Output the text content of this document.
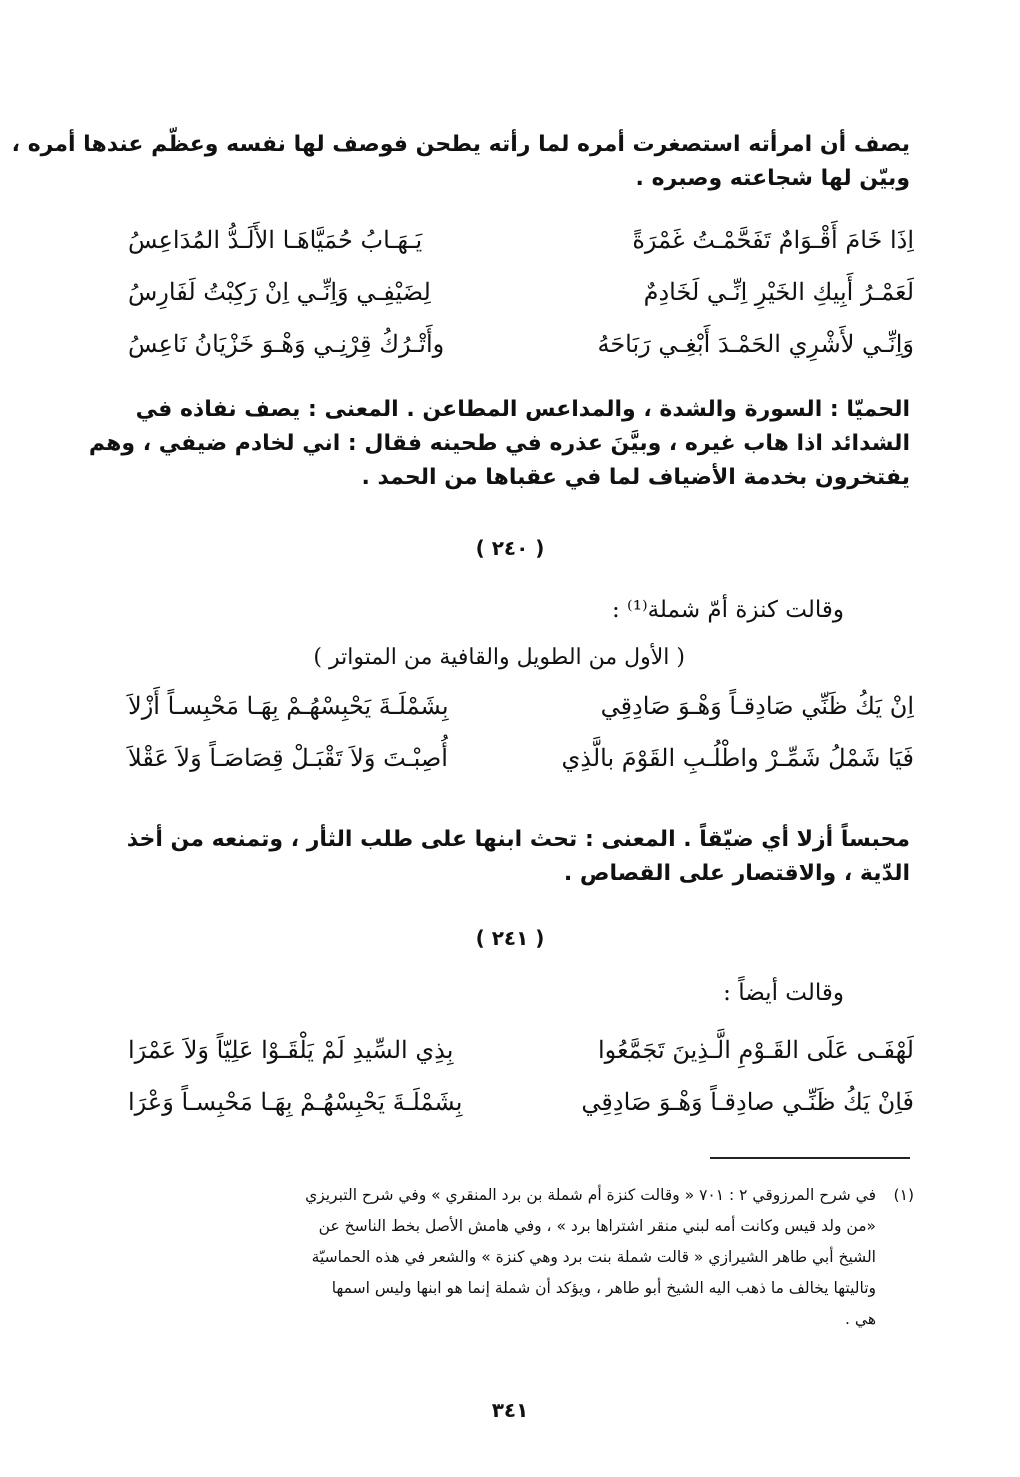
يصف أن امرأته استصغرت أمره لما رأته يطحن فوصف لها نفسه وعظّم عندها أمره ،
وبيّن لها شجاعته وصبره .
اِذَا خَامَ أَقْـوَامٌ تَفَحَّمْـتُ غَمْرَةً
يَـهَـابُ حُمَيَّاهَـا الأَلَـدُّ المُدَاعِسُ
لَعَمْـرُ أَبِيكِ الخَيْرِ اِنِّـي لَخَادِمٌ
لِضَيْفِـي وَاِنِّـي اِنْ رَكِبْتُ لَفَارِسُ
وَاِنِّـي لأَشْرِي الحَمْـدَ أَبْغِـي رَبَاحَهُ
وأَتْـرُكُ قِرْنِـي وَهْـوَ خَزْيَانُ نَاعِسُ
الحميّا : السورة والشدة ، والمداعس المطاعن . المعنى : يصف نفاذه في
الشدائد اذا هاب غيره ، وبيَّنَ عذره في طحينه فقال : اني لخادم ضيفي ، وهم
يفتخرون بخدمة الأضياف لما في عقباها من الحمد .
( ٢٤٠ )
وقالت كنزة أمّ شملة⁽¹⁾ :
( الأول من الطويل والقافية من المتواتر )
اِنْ يَكُ ظَنِّي صَادِقـاً وَهْـوَ صَادِقِي
بِشَمْلَـةَ يَحْبِسْهُـمْ بِهَـا مَحْبِسـاً أَزْلاَ
فَيَا شَمْلُ شَمِّـرْ واطْلُـبِ القَوْمَ بالَّذِي
أُصِبْـتَ وَلاَ تَقْبَـلْ قِصَاصَـاً وَلاَ عَقْلاَ
محبساً أزلا أي ضيّقاً . المعنى : تحث ابنها على طلب الثأر ، وتمنعه من أخذ
الدّية ، والاقتصار على القصاص .
( ٢٤١ )
وقالت أيضاً :
لَهْفَـى عَلَى القَـوْمِ الَّـذِينَ تَجَمَّعُوا
بِذِي السِّيدِ لَمْ يَلْقَـوْا عَلِيّاً وَلاَ عَمْرَا
فَاِنْ يَكُ ظَنِّـي صادِقـاً وَهْـوَ صَادِقِي
بِشَمْلَـةَ يَحْبِسْهُـمْ بِهَـا مَحْبِسـاً وَعْرَا
(١)
في شرح المرزوقي ٢ : ٧٠١ « وقالت كنزة أم شملة بن برد المنقري » وفي شرح التبريزي
«من ولد قيس وكانت أمه لبني منقر اشتراها برد » ، وفي هامش الأصل بخط الناسخ عن
الشيخ أبي طاهر الشيرازي « قالت شملة بنت برد وهي كنزة » والشعر في هذه الحماسيّة
وتاليتها يخالف ما ذهب اليه الشيخ أبو طاهر ، ويؤكد أن شملة إنما هو ابنها وليس اسمها
هي .
٣٤١
